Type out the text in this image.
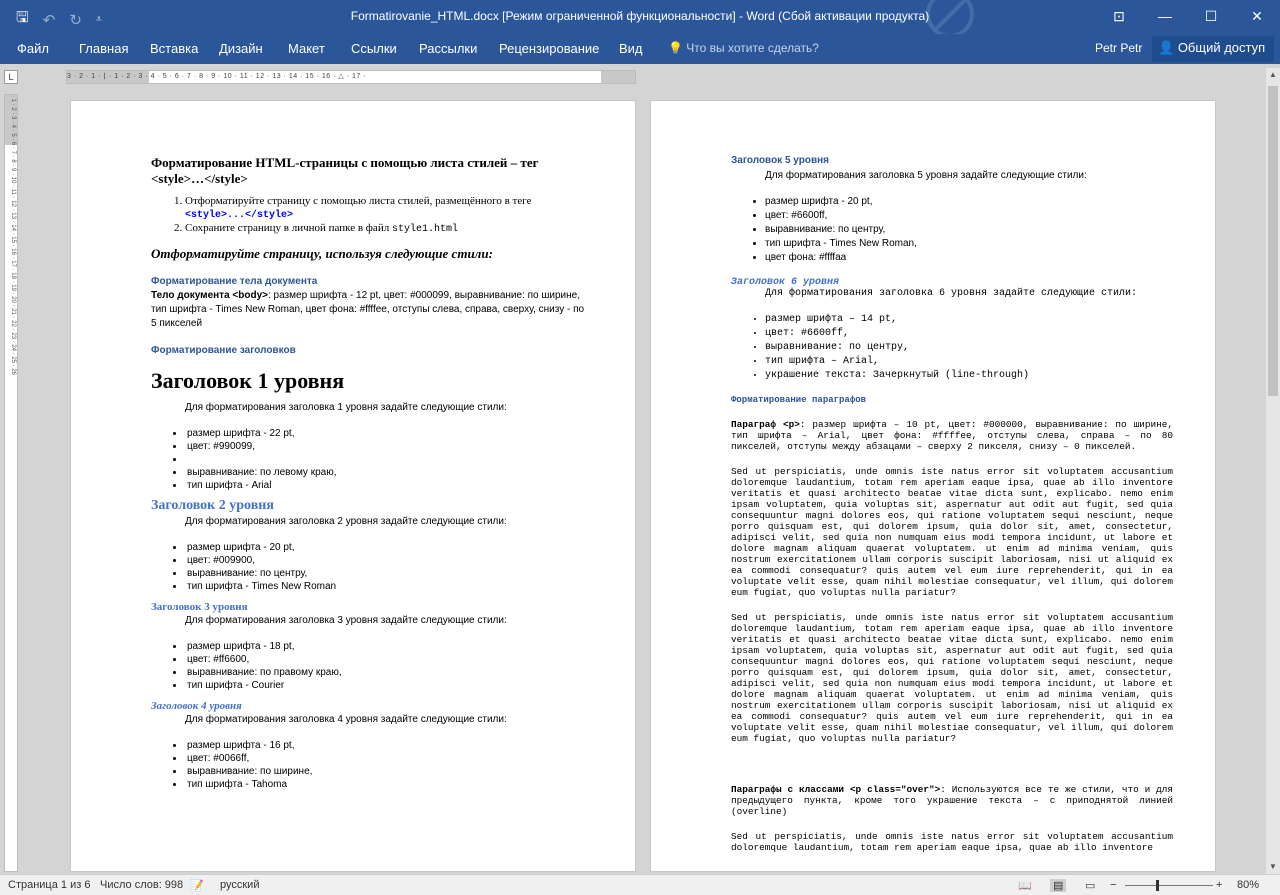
🖫 ↶ ↻ ⩡	Formatirovanie_HTML.docx [Режим ограниченной функциональности] - Word (Сбой активации продукта)	⊡	—	☐	✕
Файл Главная Вставка Дизайн Макет Ссылки Рассылки Рецензирование Вид 💡 Что вы хотите сделать?	Petr Petr	👤 Общий доступ
L	3 · 2 · 1 · ⌊ · 1 · 2 · 3 · 4 · 5 · 6 · 7 · 8 · 9 · 10 · 11 · 12 · 13 · 14 · 15 · 16 · △ · 17 ·
· 1 · 2 · 3 · 4 · 5 · 6 · 7 · 8 · 9 · 10 · 11 · 12 · 13 · 14 · 15 · 16 · 17 · 18 · 19 · 20 · 21 · 22 · 23 · 24 · 25 · 26	Форматирование HTML-страницы с помощью листа стилей – тег
<style>…</style>
1. Отформатируйте страницу с помощью листа стилей, размещённого в теге <style>...</style>
2. Сохраните страницу в личной папке в файл style1.html
Отформатируйте страницу, используя следующие стили:
Форматирование тела документа
Тело документа <body>: размер шрифта - 12 pt, цвет: #000099, выравнивание: по ширине, тип шрифта - Times New Roman, цвет фона: #ffffee, отступы слева, справа, сверху, снизу - по 5 пикселей
Форматирование заголовков
Заголовок 1 уровня
Для форматирования заголовка 1 уровня задайте следующие стили:
• размер шрифта - 22 pt,
• цвет: #990099,
•
• выравнивание: по левому краю,
• тип шрифта - Arial
Заголовок 2 уровня
Для форматирования заголовка 2 уровня задайте следующие стили:
• размер шрифта - 20 pt,
• цвет: #009900,
• выравнивание: по центру,
• тип шрифта - Times New Roman
Заголовок 3 уровня
Для форматирования заголовка 3 уровня задайте следующие стили:
• размер шрифта - 18 pt,
• цвет: #ff6600,
• выравнивание: по правому краю,
• тип шрифта - Courier
Заголовок 4 уровня
Для форматирования заголовка 4 уровня задайте следующие стили:
• размер шрифта - 16 pt,
• цвет: #0066ff,
• выравнивание: по ширине,
• тип шрифта - Tahoma
Заголовок 5 уровня
Для форматирования заголовка 5 уровня задайте следующие стили:
• размер шрифта - 20 pt,
• цвет: #6600ff,
• выравнивание: по центру,
• тип шрифта - Times New Roman,
• цвет фона: #ffffaa
Заголовок 6 уровня
Для форматирования заголовка 6 уровня задайте следующие стили:
• размер шрифта – 14 pt,
• цвет: #6600ff,
• выравнивание: по центру,
• тип шрифта – Arial,
• украшение текста: Зачеркнутый (line-through)
Форматирование параграфов
Параграф <p>: размер шрифта – 10 pt, цвет: #000000, выравнивание: по ширине, тип шрифта – Arial, цвет фона: #ffffee, отступы слева, справа – по 80 пикселей, отступы между абзацами – сверху 2 пикселя, снизу – 0 пикселей.
Sed ut perspiciatis, unde omnis iste natus error sit voluptatem accusantium doloremque laudantium, totam rem aperiam eaque ipsa, quae ab illo inventore veritatis et quasi architecto beatae vitae dicta sunt, explicabo. nemo enim ipsam voluptatem, quia voluptas sit, aspernatur aut odit aut fugit, sed quia consequuntur magni dolores eos, qui ratione voluptatem sequi nesciunt, neque porro quisquam est, qui dolorem ipsum, quia dolor sit, amet, consectetur, adipisci velit, sed quia non numquam eius modi tempora incidunt, ut labore et dolore magnam aliquam quaerat voluptatem. ut enim ad minima veniam, quis nostrum exercitationem ullam corporis suscipit laboriosam, nisi ut aliquid ex ea commodi consequatur? quis autem vel eum iure reprehenderit, qui in ea voluptate velit esse, quam nihil molestiae consequatur, vel illum, qui dolorem eum fugiat, quo voluptas nulla pariatur?
Sed ut perspiciatis, unde omnis iste natus error sit voluptatem accusantium doloremque laudantium, totam rem aperiam eaque ipsa, quae ab illo inventore veritatis et quasi architecto beatae vitae dicta sunt, explicabo. nemo enim ipsam voluptatem, quia voluptas sit, aspernatur aut odit aut fugit, sed quia consequuntur magni dolores eos, qui ratione voluptatem sequi nesciunt, neque porro quisquam est, qui dolorem ipsum, quia dolor sit, amet, consectetur, adipisci velit, sed quia non numquam eius modi tempora incidunt, ut labore et dolore magnam aliquam quaerat voluptatem. ut enim ad minima veniam, quis nostrum exercitationem ullam corporis suscipit laboriosam, nisi ut aliquid ex ea commodi consequatur? quis autem vel eum iure reprehenderit, qui in ea voluptate velit esse, quam nihil molestiae consequatur, vel illum, qui dolorem eum fugiat, quo voluptas nulla pariatur?
Параграфы с классами <p class="over">: Используются все те же стили, что и для предыдущего пункта, кроме того украшение текста – с приподнятой линией (overline)
Sed ut perspiciatis, unde omnis iste natus error sit voluptatem accusantium doloremque laudantium, totam rem aperiam eaque ipsa, quae ab illo inventore
▲
▼
Страница 1 из 6 Число слов: 998 📝 русский	📖 ▤ ▭ −	+ 80%
